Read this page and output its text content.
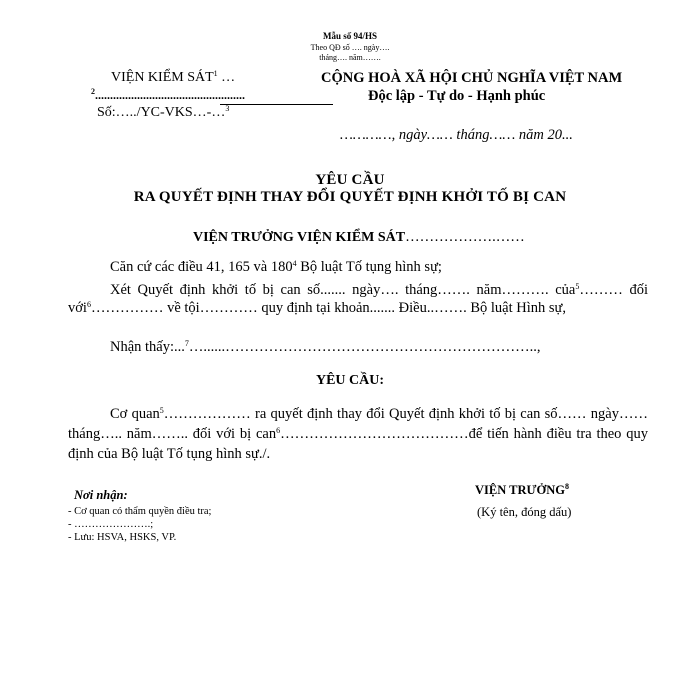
Mẫu số 94/HS
Theo QĐ số …. ngày….
tháng…. năm…….
VIỆN KIỂM SÁT$^1$ …
$^2$..................................................
Số:…../YC-VKS…-…$^3$
CỘNG HOÀ XÃ HỘI CHỦ NGHĨA VIỆT NAM
Độc lập - Tự do - Hạnh phúc
…………, ngày…… tháng…… năm 20...
YÊU CẦU
RA QUYẾT ĐỊNH THAY ĐỔI QUYẾT ĐỊNH KHỞI TỐ BỊ CAN
VIỆN TRƯỞNG VIỆN KIỂM SÁT……………….……
Căn cứ các điều 41, 165 và $180^4$ Bộ luật Tố tụng hình sự;
Xét Quyết định khởi tố bị can số....... ngày…. tháng……. năm………. của$^5$……… đối với$^6$…………… về tội………… quy định tại khoản....... Điều..……. Bộ luật Hình sự,
Nhận thấy:...$^7$…......………………………………………………………..,
YÊU CẦU:
Cơ quan$^5$……………… ra quyết định thay đổi Quyết định khởi tố bị can số…… ngày…… tháng….. năm…….. đối với bị can$^6$…………………………………để tiến hành điều tra theo quy định của Bộ luật Tố tụng hình sự./.
Nơi nhận:
- Cơ quan có thẩm quyền điều tra;
- ………………….;
- Lưu: HSVA, HSKS, VP.
VIỆN TRƯỞNG$^8$
(Ký tên, đóng dấu)
